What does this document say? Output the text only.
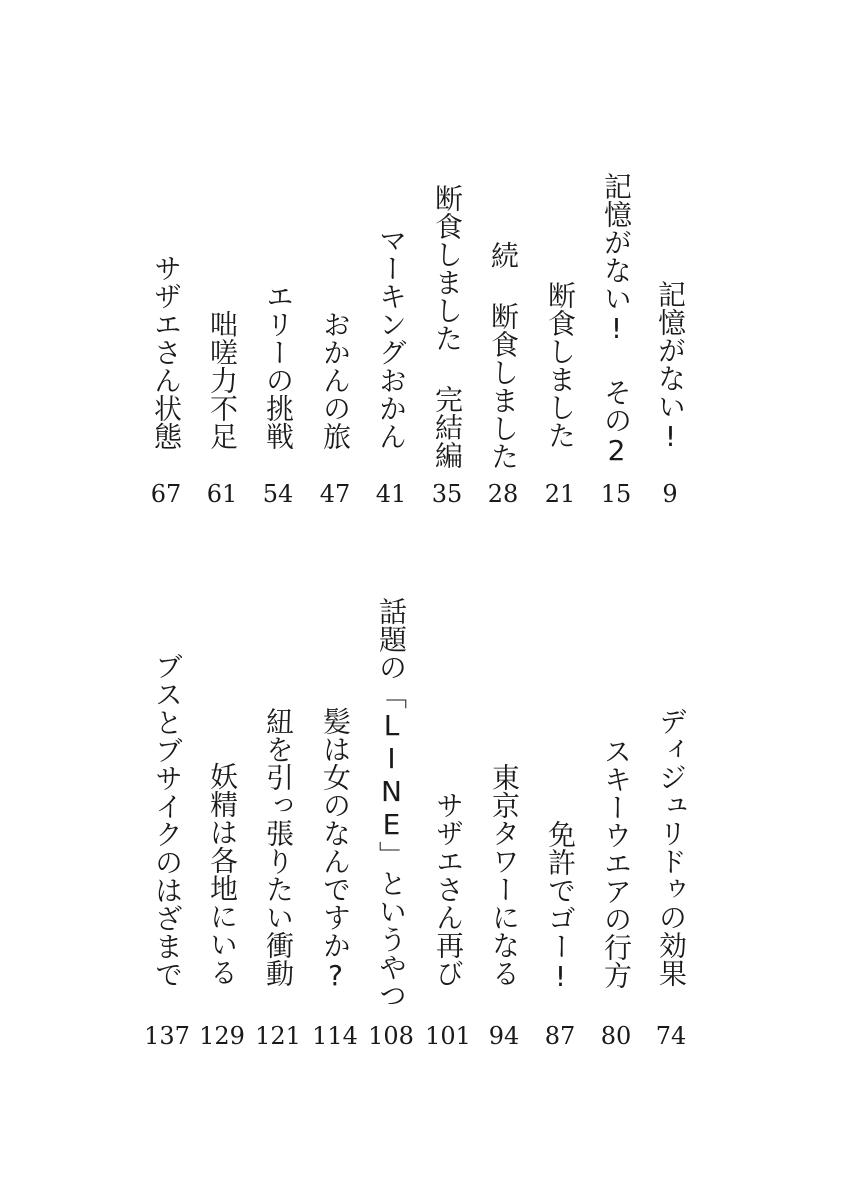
記憶がない!
9
記憶がない! その2
15
断食しました
21
続 断食しました
28
断食しました 完結編
35
マーキングおかん
41
おかんの旅
47
エリーの挑戦
54
咄嗟力不足
61
サザエさん状態
67
ディジュリドゥの効果
74
スキーウエアの行方
80
免許でゴー!
87
東京タワーになる
94
サザエさん再び
101
話題の「LINE」というやつ
108
髪は女のなんですか?
114
紐を引っ張りたい衝動
121
妖精は各地にいる
129
ブスとブサイクのはざまで
137
